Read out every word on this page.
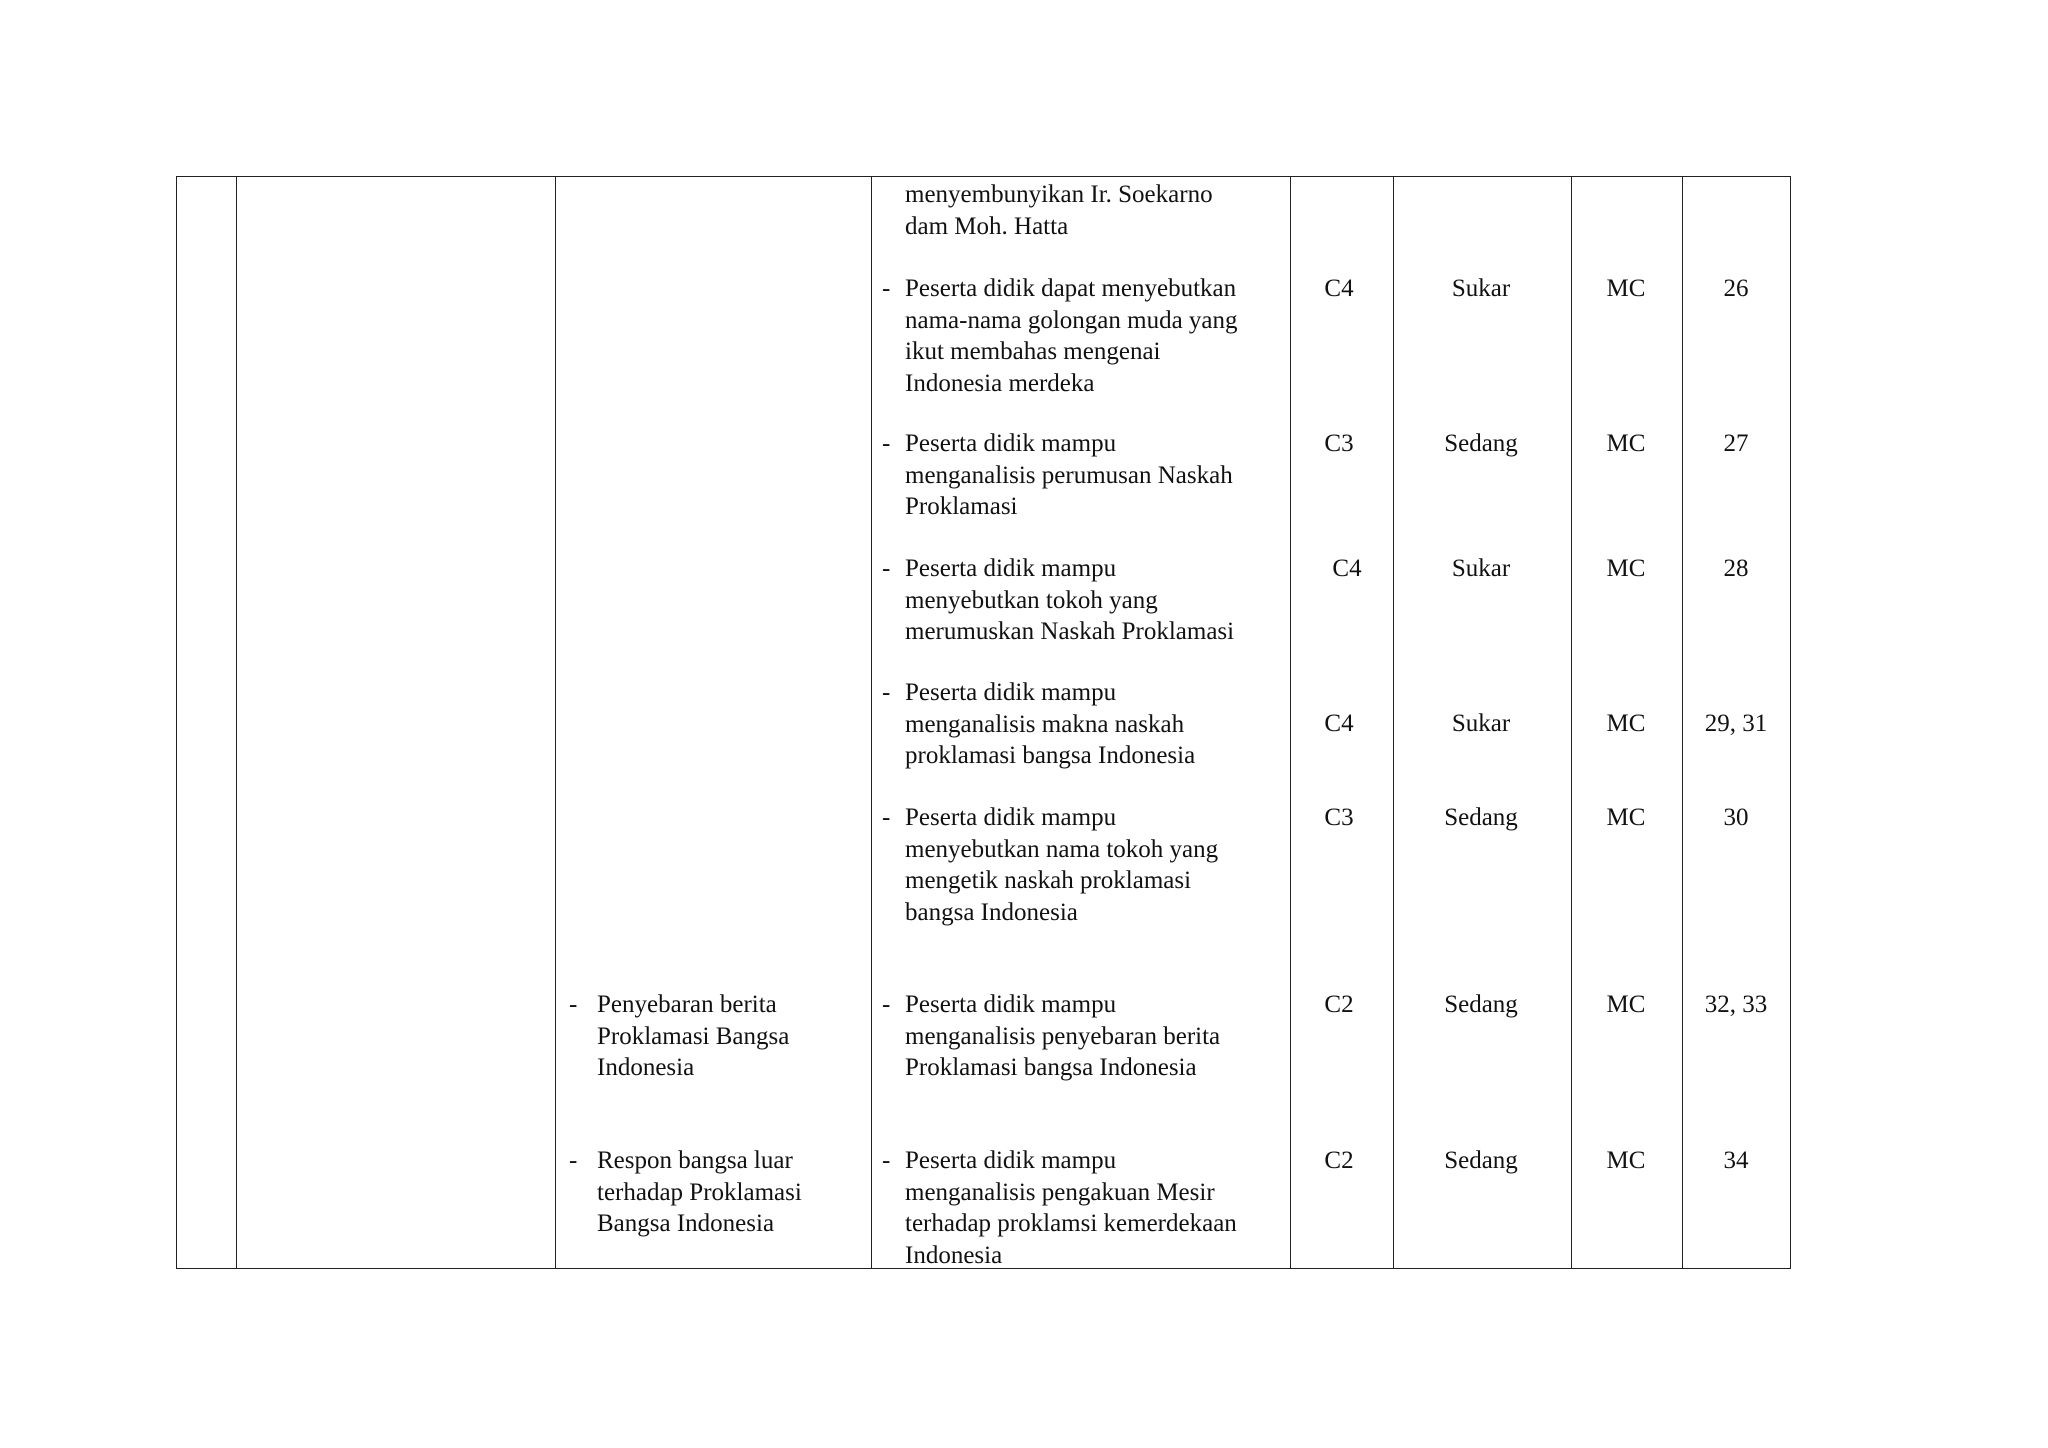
menyembunyikan Ir. Soekarno
dam Moh. Hatta
- Peserta didik dapat menyebutkan
nama-nama golongan muda yang
ikut membahas mengenai
Indonesia merdeka
C4	Sukar	MC	26
- Peserta didik mampu
menganalisis perumusan Naskah
Proklamasi
C3	Sedang	MC	27
- Peserta didik mampu
menyebutkan tokoh yang
merumuskan Naskah Proklamasi
C4	Sukar	MC	28
- Peserta didik mampu
menganalisis makna naskah
proklamasi bangsa Indonesia
C4	Sukar	MC	29, 31
- Peserta didik mampu
menyebutkan nama tokoh yang
mengetik naskah proklamasi
bangsa Indonesia
C3	Sedang	MC	30
- Penyebaran berita
Proklamasi Bangsa
Indonesia
- Peserta didik mampu
menganalisis penyebaran berita
Proklamasi bangsa Indonesia
C2	Sedang	MC	32, 33
- Respon bangsa luar
terhadap Proklamasi
Bangsa Indonesia
- Peserta didik mampu
menganalisis pengakuan Mesir
terhadap proklamsi kemerdekaan
Indonesia
C2	Sedang	MC	34
